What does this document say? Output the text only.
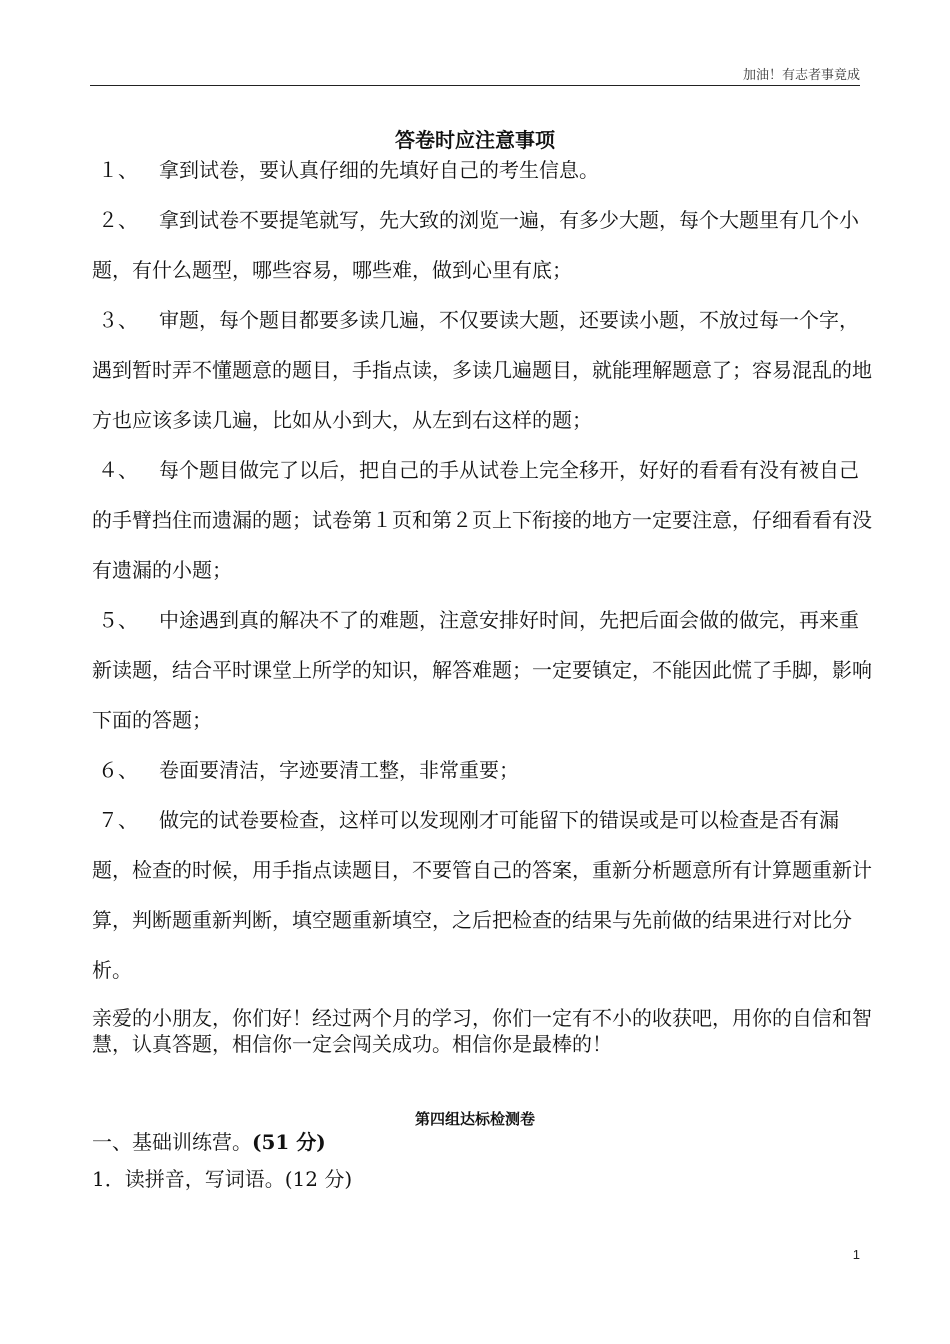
加油！有志者事竟成
答卷时应注意事项

１、 拿到试卷，要认真仔细的先填好自己的考生信息。

２、 拿到试卷不要提笔就写，先大致的浏览一遍，有多少大题，每个大题里有几个小题，有什么题型，哪些容易，哪些难，做到心里有底；

３、 审题，每个题目都要多读几遍，不仅要读大题，还要读小题，不放过每一个字，遇到暂时弄不懂题意的题目，手指点读，多读几遍题目，就能理解题意了；容易混乱的地方也应该多读几遍，比如从小到大，从左到右这样的题；

４、 每个题目做完了以后，把自己的手从试卷上完全移开，好好的看看有没有被自己的手臂挡住而遗漏的题；试卷第１页和第２页上下衔接的地方一定要注意，仔细看看有没有遗漏的小题；

５、 中途遇到真的解决不了的难题，注意安排好时间，先把后面会做的做完，再来重新读题，结合平时课堂上所学的知识，解答难题；一定要镇定，不能因此慌了手脚，影响下面的答题；

６、 卷面要清洁，字迹要清工整，非常重要；

７、 做完的试卷要检查，这样可以发现刚才可能留下的错误或是可以检查是否有漏题，检查的时候，用手指点读题目，不要管自己的答案，重新分析题意所有计算题重新计算，判断题重新判断，填空题重新填空，之后把检查的结果与先前做的结果进行对比分析。

亲爱的小朋友，你们好！经过两个月的学习，你们一定有不小的收获吧，用你的自信和智慧，认真答题，相信你一定会闯关成功。相信你是最棒的！
第四组达标检测卷
一、基础训练营。(51 分)
1．读拼音，写词语。(12 分)
1
